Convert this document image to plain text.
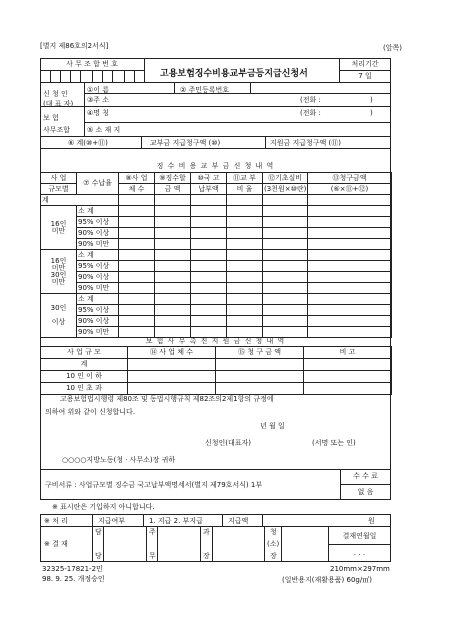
[별지 제86호의2서식]	(앞쪽)
사 무 조 합 번 호
고용보험징수비용교부금등지급신청서
처리기간
7 일
신 청 인
(대 표 자)
보 험
사무조합
①이 름	② 주민등록번호
③주 소	(전화 :	)
④명 칭	(전화 :	)
⑤ 소 재 지
⑥ 계(⑩+⑪)	교부금 지급청구액 (⑩)	지원금 지급청구액 (⑪)
징 수 비 용 교 부 금 신 청 내 역
사 업	⑦ 수납율	⑧사 업	⑨징수할	⑩국 고	⑪교 부	⑫기초실비	⑬청구금액
규모별		체 수	금 액	납부액	비 율	(3천원×⑩란)	(⑥×⑪+⑫)
계							
16인
미만	소 계						
	95% 이상						
	90% 이상						
	90% 미만						
16인
미만
30인
미만	소 계						
	95% 이상						
	90% 이상						
	90% 미만						
30인

이상	소 계						
	95% 이상						
	90% 이상						
	90% 미만						
보 험 사 무 촉 진 지 원 금 신 청 내 역
사 업 규 모	⑭ 사 업 체 수	⑮ 청 구 금 액	비 고
계			
10 인 이 하			
10 인 초 과			
고용보험법시행령 제80조 및 동법시행규칙 제82조의2제1항의 규정에
의하여 위와 같이 신청합니다.
년 월 일
신청인(대표자)	(서명 또는 인)
○○○○지방노동(청 · 사무소)장 귀하
구비서류 : 사업규모별 징수금 국고납부액명세서(별지 제79호서식) 1부
수 수 료
없 음
※ 표시란은 기입하지 아니합니다.
※ 처 리	지급여부	1. 지급 2. 부지급	지급액	원
※ 결 재
담
당
주
무
과
장
청
(소)
장
결재연월일
. . .
32325-17821-2민
98. 9. 25. 개정승인
210mm×297mm
(일반용지(재활용품) 60g/㎡)
